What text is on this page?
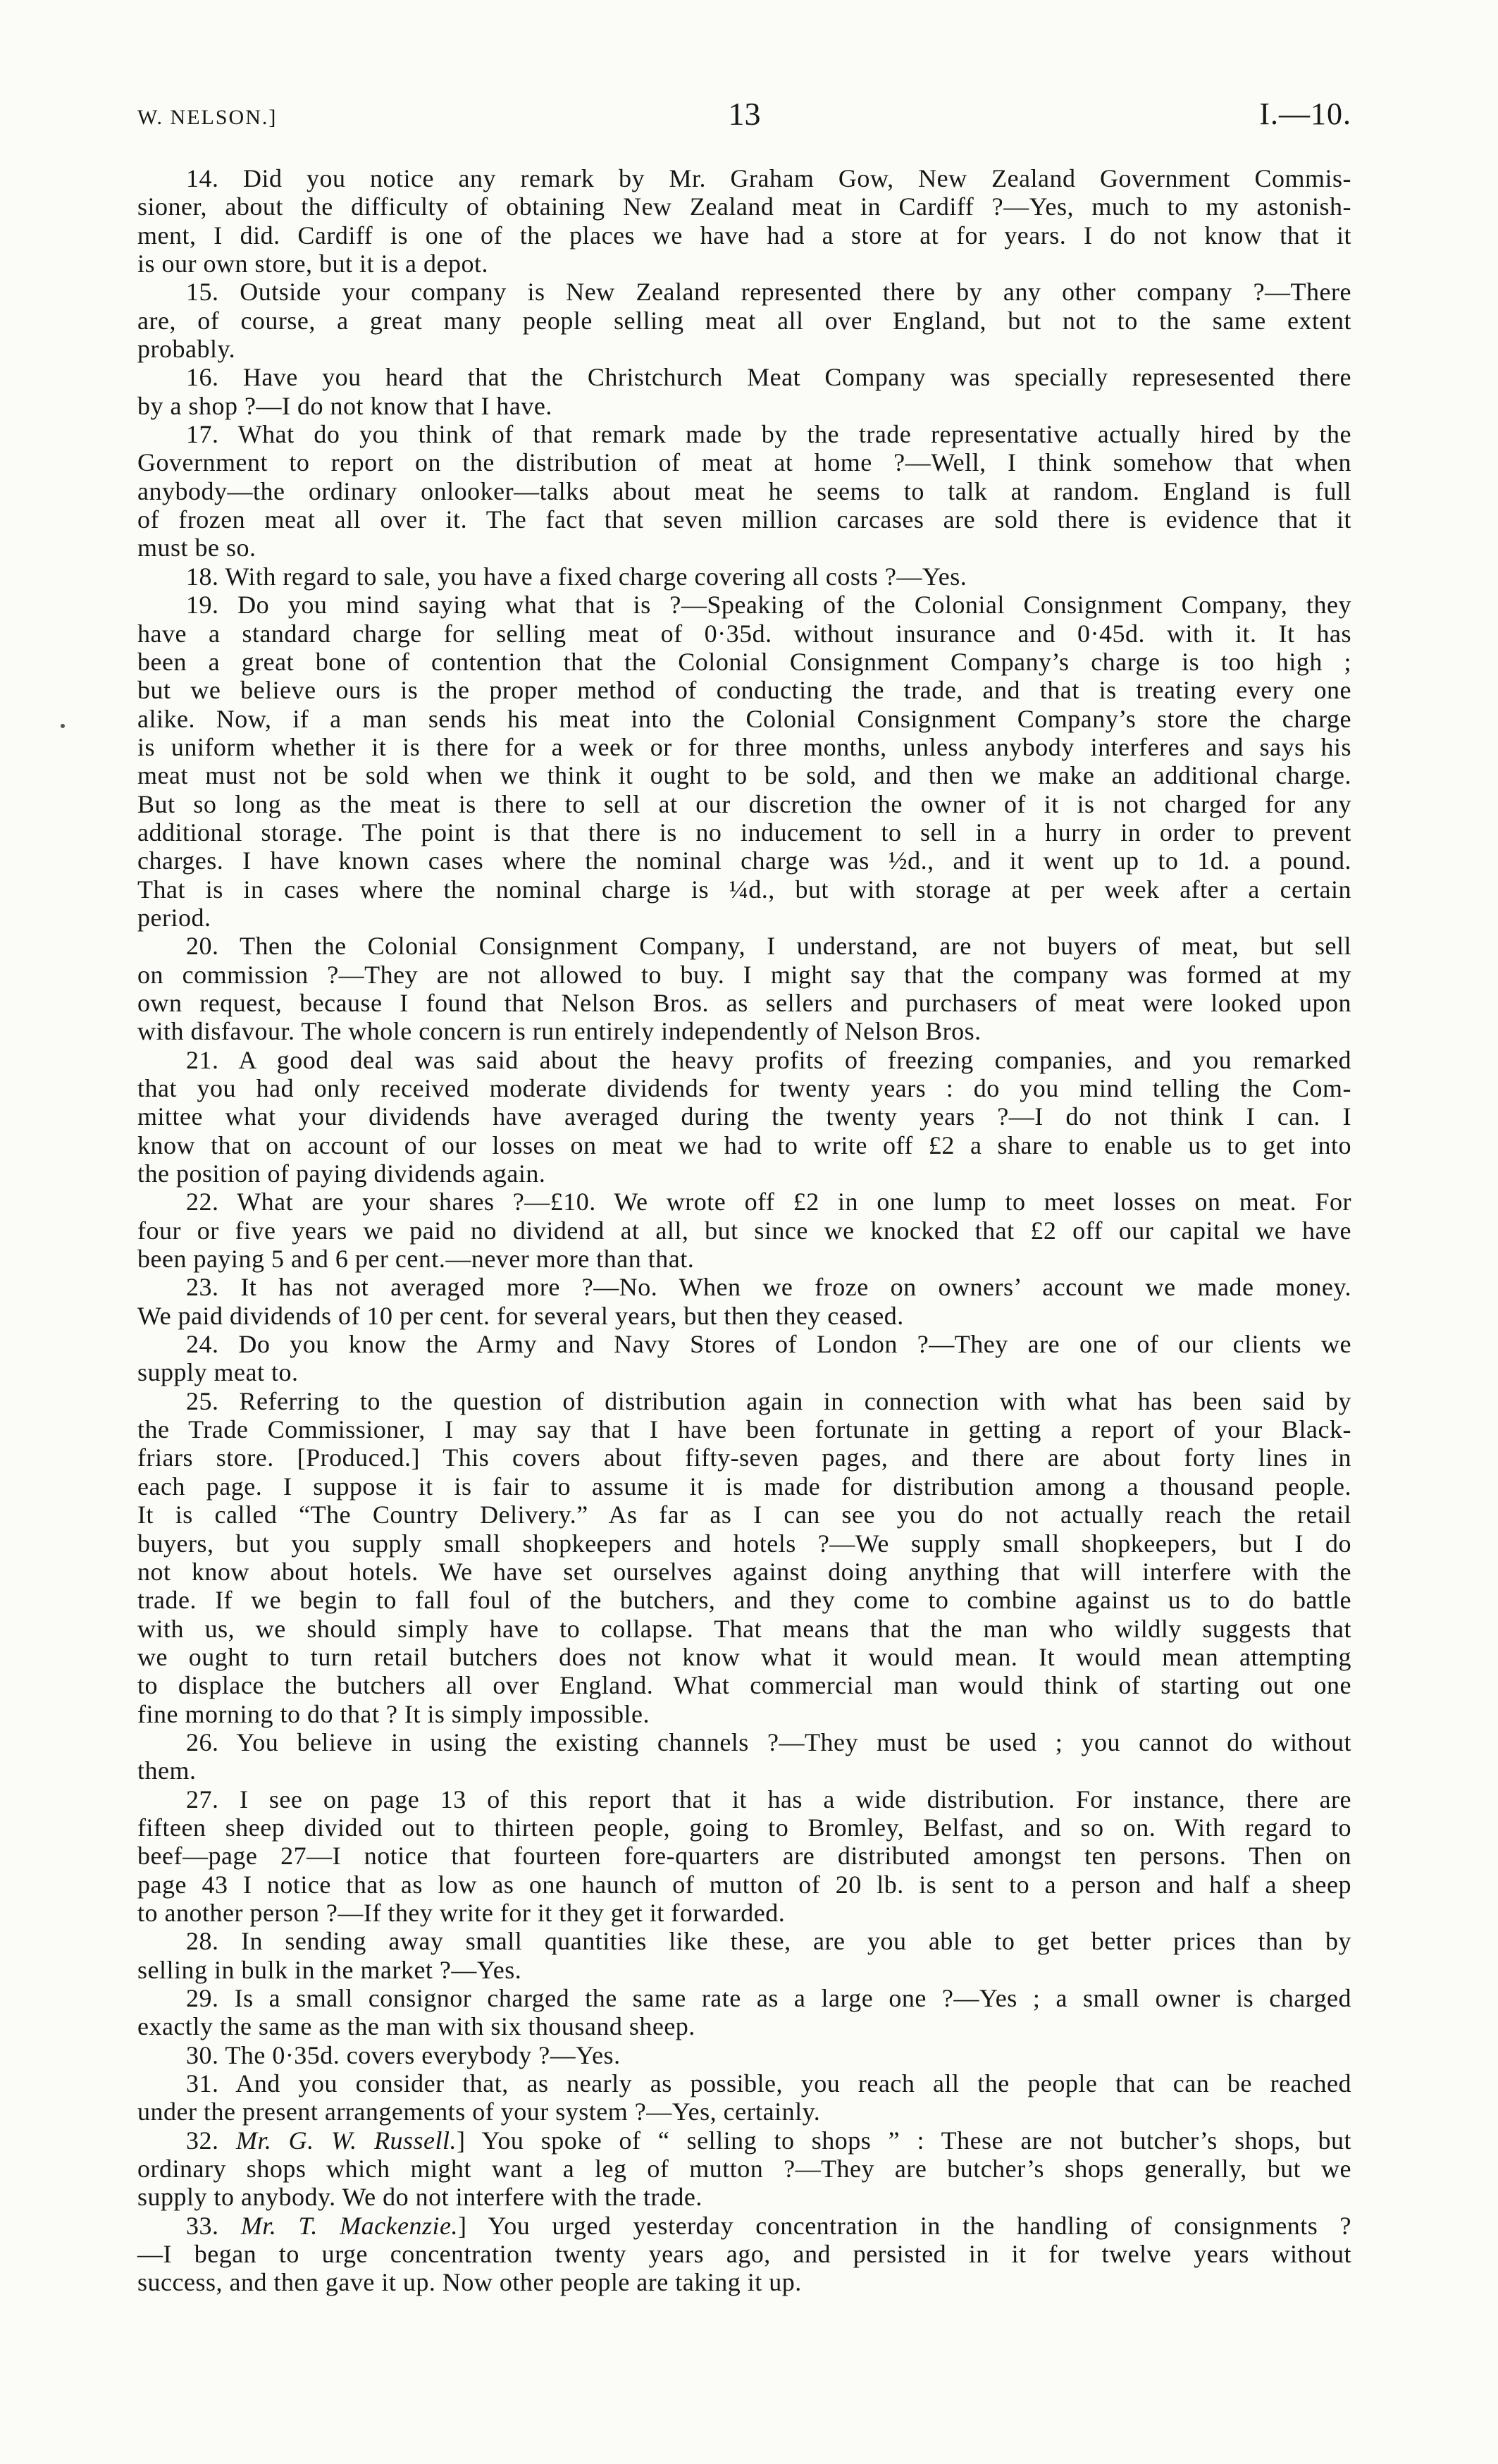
W. NELSON.]	13	I.—10.
14. Did you notice any remark by Mr. Graham Gow, New Zealand Government Commis-
sioner, about the difficulty of obtaining New Zealand meat in Cardiff ?—Yes, much to my astonish-
ment, I did. Cardiff is one of the places we have had a store at for years. I do not know that it
is our own store, but it is a depot.
15. Outside your company is New Zealand represented there by any other company ?—There
are, of course, a great many people selling meat all over England, but not to the same extent
probably.
16. Have you heard that the Christchurch Meat Company was specially represesented there
by a shop ?—I do not know that I have.
17. What do you think of that remark made by the trade representative actually hired by the
Government to report on the distribution of meat at home ?—Well, I think somehow that when
anybody—the ordinary onlooker—talks about meat he seems to talk at random. England is full
of frozen meat all over it. The fact that seven million carcases are sold there is evidence that it
must be so.
18. With regard to sale, you have a fixed charge covering all costs ?—Yes.
19. Do you mind saying what that is ?—Speaking of the Colonial Consignment Company, they
have a standard charge for selling meat of 0·35d. without insurance and 0·45d. with it. It has
been a great bone of contention that the Colonial Consignment Company’s charge is too high ;
but we believe ours is the proper method of conducting the trade, and that is treating every one
alike. Now, if a man sends his meat into the Colonial Consignment Company’s store the charge
is uniform whether it is there for a week or for three months, unless anybody interferes and says his
meat must not be sold when we think it ought to be sold, and then we make an additional charge.
But so long as the meat is there to sell at our discretion the owner of it is not charged for any
additional storage. The point is that there is no inducement to sell in a hurry in order to prevent
charges. I have known cases where the nominal charge was ½d., and it went up to 1d. a pound.
That is in cases where the nominal charge is ¼d., but with storage at per week after a certain
period.
20. Then the Colonial Consignment Company, I understand, are not buyers of meat, but sell
on commission ?—They are not allowed to buy. I might say that the company was formed at my
own request, because I found that Nelson Bros. as sellers and purchasers of meat were looked upon
with disfavour. The whole concern is run entirely independently of Nelson Bros.
21. A good deal was said about the heavy profits of freezing companies, and you remarked
that you had only received moderate dividends for twenty years : do you mind telling the Com-
mittee what your dividends have averaged during the twenty years ?—I do not think I can. I
know that on account of our losses on meat we had to write off £2 a share to enable us to get into
the position of paying dividends again.
22. What are your shares ?—£10. We wrote off £2 in one lump to meet losses on meat. For
four or five years we paid no dividend at all, but since we knocked that £2 off our capital we have
been paying 5 and 6 per cent.—never more than that.
23. It has not averaged more ?—No. When we froze on owners’ account we made money.
We paid dividends of 10 per cent. for several years, but then they ceased.
24. Do you know the Army and Navy Stores of London ?—They are one of our clients we
supply meat to.
25. Referring to the question of distribution again in connection with what has been said by
the Trade Commissioner, I may say that I have been fortunate in getting a report of your Black-
friars store. [Produced.] This covers about fifty-seven pages, and there are about forty lines in
each page. I suppose it is fair to assume it is made for distribution among a thousand people.
It is called “The Country Delivery.” As far as I can see you do not actually reach the retail
buyers, but you supply small shopkeepers and hotels ?—We supply small shopkeepers, but I do
not know about hotels. We have set ourselves against doing anything that will interfere with the
trade. If we begin to fall foul of the butchers, and they come to combine against us to do battle
with us, we should simply have to collapse. That means that the man who wildly suggests that
we ought to turn retail butchers does not know what it would mean. It would mean attempting
to displace the butchers all over England. What commercial man would think of starting out one
fine morning to do that ? It is simply impossible.
26. You believe in using the existing channels ?—They must be used ; you cannot do without
them.
27. I see on page 13 of this report that it has a wide distribution. For instance, there are
fifteen sheep divided out to thirteen people, going to Bromley, Belfast, and so on. With regard to
beef—page 27—I notice that fourteen fore-quarters are distributed amongst ten persons. Then on
page 43 I notice that as low as one haunch of mutton of 20 lb. is sent to a person and half a sheep
to another person ?—If they write for it they get it forwarded.
28. In sending away small quantities like these, are you able to get better prices than by
selling in bulk in the market ?—Yes.
29. Is a small consignor charged the same rate as a large one ?—Yes ; a small owner is charged
exactly the same as the man with six thousand sheep.
30. The 0·35d. covers everybody ?—Yes.
31. And you consider that, as nearly as possible, you reach all the people that can be reached
under the present arrangements of your system ?—Yes, certainly.
32. Mr. G. W. Russell.] You spoke of “ selling to shops ” : These are not butcher’s shops, but
ordinary shops which might want a leg of mutton ?—They are butcher’s shops generally, but we
supply to anybody. We do not interfere with the trade.
33. Mr. T. Mackenzie.] You urged yesterday concentration in the handling of consignments ?
—I began to urge concentration twenty years ago, and persisted in it for twelve years without
success, and then gave it up. Now other people are taking it up.
